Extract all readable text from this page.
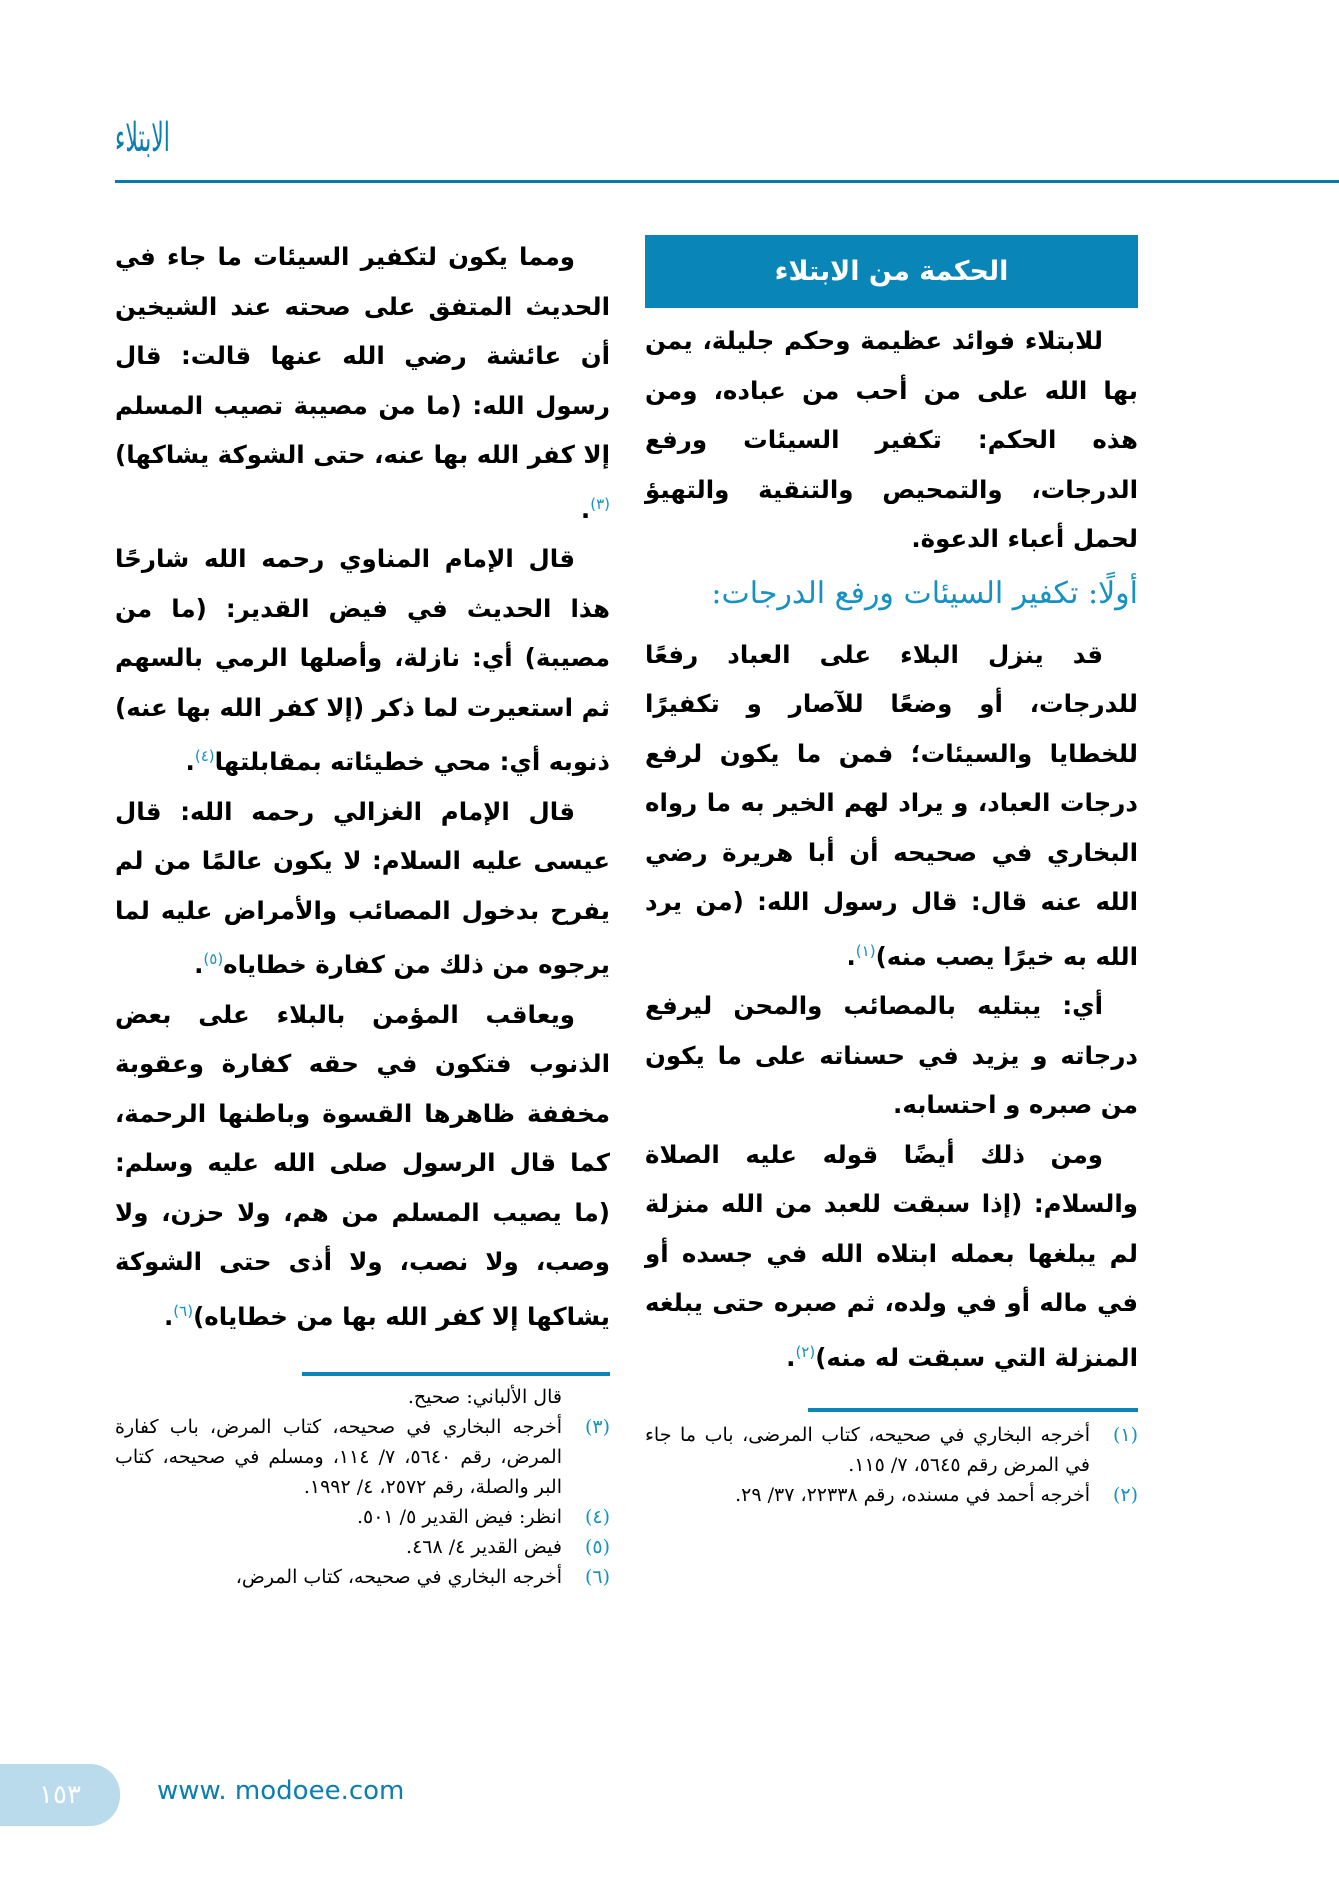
الابتلاء
الحكمة من الابتلاء

للابتلاء فوائد عظيمة وحكم جليلة، يمن بها الله على من أحب من عباده، ومن هذه الحكم: تكفير السيئات ورفع الدرجات، والتمحيص والتنقية والتهيؤ لحمل أعباء الدعوة.

أولًا: تكفير السيئات ورفع الدرجات:

قد ينزل البلاء على العباد رفعًا للدرجات، أو وضعًا للآصار و تكفيرًا للخطايا والسيئات؛ فمن ما يكون لرفع درجات العباد، و يراد لهم الخير به ما رواه البخاري في صحيحه أن أبا هريرة رضي الله عنه قال: قال رسول الله: (من يرد الله به خيرًا يصب منه)$^{(١)}$.

أي: يبتليه بالمصائب والمحن ليرفع درجاته و يزيد في حسناته على ما يكون من صبره و احتسابه.

ومن ذلك أيضًا قوله عليه الصلاة والسلام: (إذا سبقت للعبد من الله منزلة لم يبلغها بعمله ابتلاه الله في جسده أو في ماله أو في ولده، ثم صبره حتى يبلغه المنزلة التي سبقت له منه)$^{(٢)}$.

(١)
أخرجه البخاري في صحيحه، كتاب المرضى، باب ما جاء في المرض رقم ٥٦٤٥، ٧/ ١١٥.
(٢)
أخرجه أحمد في مسنده، رقم ٢٢٣٣٨، ٣٧/ ٢٩.

ومما يكون لتكفير السيئات ما جاء في الحديث المتفق على صحته عند الشيخين أن عائشة رضي الله عنها قالت: قال رسول الله: (ما من مصيبة تصيب المسلم إلا كفر الله بها عنه، حتى الشوكة يشاكها)$^{(٣)}$.

قال الإمام المناوي رحمه الله شارحًا هذا الحديث في فيض القدير: (ما من مصيبة) أي: نازلة، وأصلها الرمي بالسهم ثم استعيرت لما ذكر (إلا كفر الله بها عنه) ذنوبه أي: محي خطيئاته بمقابلتها$^{(٤)}$.

قال الإمام الغزالي رحمه الله: قال عيسى عليه السلام: لا يكون عالمًا من لم يفرح بدخول المصائب والأمراض عليه لما يرجوه من ذلك من كفارة خطاياه$^{(٥)}$.

ويعاقب المؤمن بالبلاء على بعض الذنوب فتكون في حقه كفارة وعقوبة مخففة ظاهرها القسوة وباطنها الرحمة، كما قال الرسول صلى الله عليه وسلم: (ما يصيب المسلم من هم، ولا حزن، ولا وصب، ولا نصب، ولا أذى حتى الشوكة يشاكها إلا كفر الله بها من خطاياه)$^{(٦)}$.

قال الألباني: صحيح.
(٣)
أخرجه البخاري في صحيحه، كتاب المرض، باب كفارة المرض، رقم ٥٦٤٠، ٧/ ١١٤، ومسلم في صحيحه، كتاب البر والصلة، رقم ٢٥٧٢، ٤/ ١٩٩٢.
(٤)
انظر: فيض القدير ٥/ ٥٠١.
(٥)
فيض القدير ٤/ ٤٦٨.
(٦)
أخرجه البخاري في صحيحه، كتاب المرض،
١٥٣	www. modoee.com
